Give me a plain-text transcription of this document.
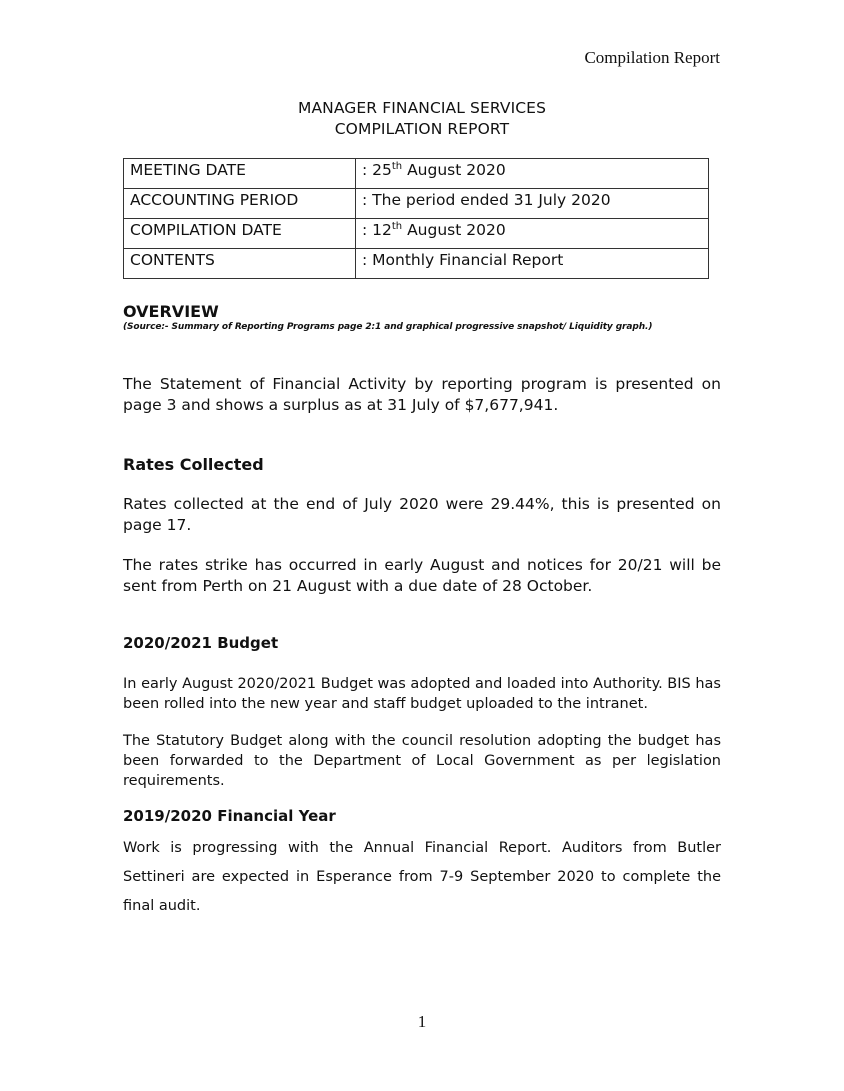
Compilation Report
MANAGER FINANCIAL SERVICES
COMPILATION REPORT
MEETING DATE	: 25th August 2020
ACCOUNTING PERIOD	: The period ended 31 July 2020
COMPILATION DATE	: 12th August 2020
CONTENTS	: Monthly Financial Report
OVERVIEW
(Source:- Summary of Reporting Programs page 2:1 and graphical progressive snapshot/ Liquidity graph.)
The Statement of Financial Activity by reporting program is presented on page 3 and shows a surplus as at 31 July of $7,677,941.
Rates Collected
Rates collected at the end of July 2020 were 29.44%, this is presented on page 17.
The rates strike has occurred in early August and notices for 20/21 will be sent from Perth on 21 August with a due date of 28 October.
2020/2021 Budget
In early August 2020/2021 Budget was adopted and loaded into Authority. BIS has been rolled into the new year and staff budget uploaded to the intranet.
The Statutory Budget along with the council resolution adopting the budget has been forwarded to the Department of Local Government as per legislation requirements.
2019/2020 Financial Year
Work is progressing with the Annual Financial Report. Auditors from Butler Settineri are expected in Esperance from 7-9 September 2020 to complete the final audit.
1
